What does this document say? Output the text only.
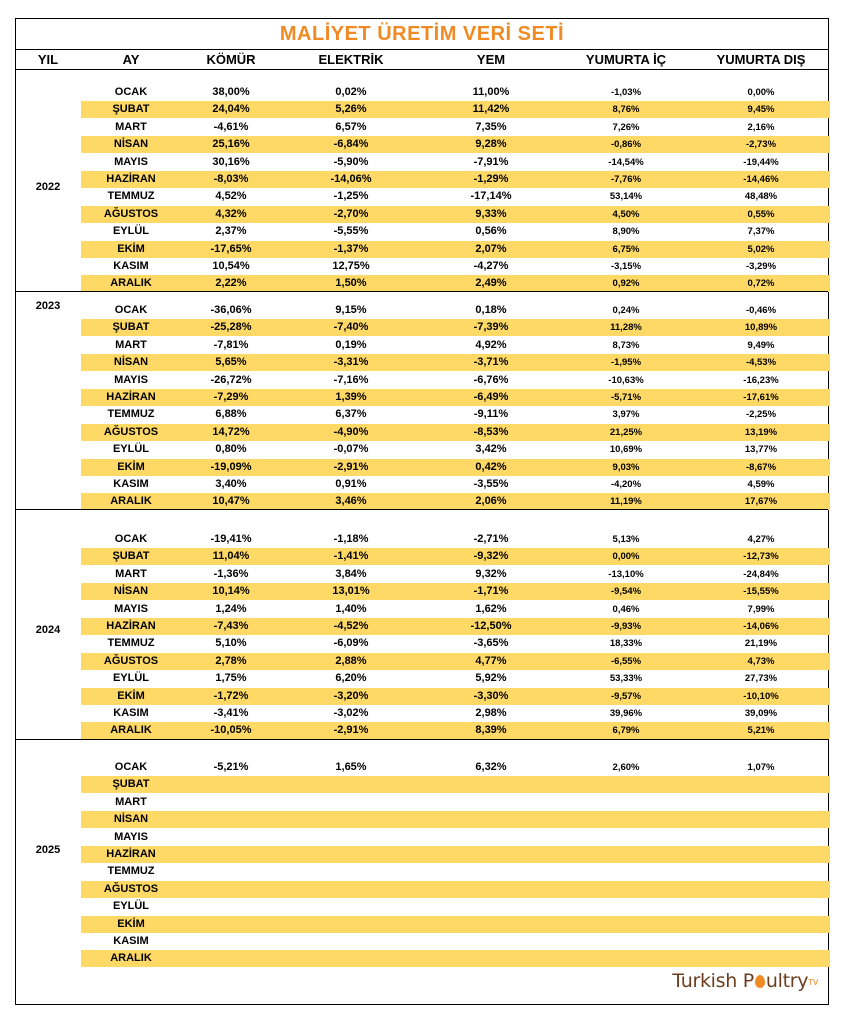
MALİYET ÜRETİM VERİ SETİ
YIL	AY	KÖMÜR	ELEKTRİK	YEM	YUMURTA İÇ	YUMURTA DIŞ
2022
OCAK	38,00%	0,02%	11,00%	-1,03%	0,00%
ŞUBAT	24,04%	5,26%	11,42%	8,76%	9,45%
MART	-4,61%	6,57%	7,35%	7,26%	2,16%
NİSAN	25,16%	-6,84%	9,28%	-0,86%	-2,73%
MAYIS	30,16%	-5,90%	-7,91%	-14,54%	-19,44%
HAZİRAN	-8,03%	-14,06%	-1,29%	-7,76%	-14,46%
TEMMUZ	4,52%	-1,25%	-17,14%	53,14%	48,48%
AĞUSTOS	4,32%	-2,70%	9,33%	4,50%	0,55%
EYLÜL	2,37%	-5,55%	0,56%	8,90%	7,37%
EKİM	-17,65%	-1,37%	2,07%	6,75%	5,02%
KASIM	10,54%	12,75%	-4,27%	-3,15%	-3,29%
ARALIK	2,22%	1,50%	2,49%	0,92%	0,72%
2023	OCAK	-36,06%	9,15%	0,18%	0,24%	-0,46%
ŞUBAT	-25,28%	-7,40%	-7,39%	11,28%	10,89%
MART	-7,81%	0,19%	4,92%	8,73%	9,49%
NİSAN	5,65%	-3,31%	-3,71%	-1,95%	-4,53%
MAYIS	-26,72%	-7,16%	-6,76%	-10,63%	-16,23%
HAZİRAN	-7,29%	1,39%	-6,49%	-5,71%	-17,61%
TEMMUZ	6,88%	6,37%	-9,11%	3,97%	-2,25%
AĞUSTOS	14,72%	-4,90%	-8,53%	21,25%	13,19%
EYLÜL	0,80%	-0,07%	3,42%	10,69%	13,77%
EKİM	-19,09%	-2,91%	0,42%	9,03%	-8,67%
KASIM	3,40%	0,91%	-3,55%	-4,20%	4,59%
ARALIK	10,47%	3,46%	2,06%	11,19%	17,67%
2024
OCAK	-19,41%	-1,18%	-2,71%	5,13%	4,27%
ŞUBAT	11,04%	-1,41%	-9,32%	0,00%	-12,73%
MART	-1,36%	3,84%	9,32%	-13,10%	-24,84%
NİSAN	10,14%	13,01%	-1,71%	-9,54%	-15,55%
MAYIS	1,24%	1,40%	1,62%	0,46%	7,99%
HAZİRAN	-7,43%	-4,52%	-12,50%	-9,93%	-14,06%
TEMMUZ	5,10%	-6,09%	-3,65%	18,33%	21,19%
AĞUSTOS	2,78%	2,88%	4,77%	-6,55%	4,73%
EYLÜL	1,75%	6,20%	5,92%	53,33%	27,73%
EKİM	-1,72%	-3,20%	-3,30%	-9,57%	-10,10%
KASIM	-3,41%	-3,02%	2,98%	39,96%	39,09%
ARALIK	-10,05%	-2,91%	8,39%	6,79%	5,21%
2025
OCAK	-5,21%	1,65%	6,32%	2,60%	1,07%
ŞUBAT
MART
NİSAN
MAYIS
HAZİRAN
TEMMUZ
AĞUSTOS
EYLÜL
EKİM
KASIM
ARALIK
Turkish P ultry$^{TV}$
